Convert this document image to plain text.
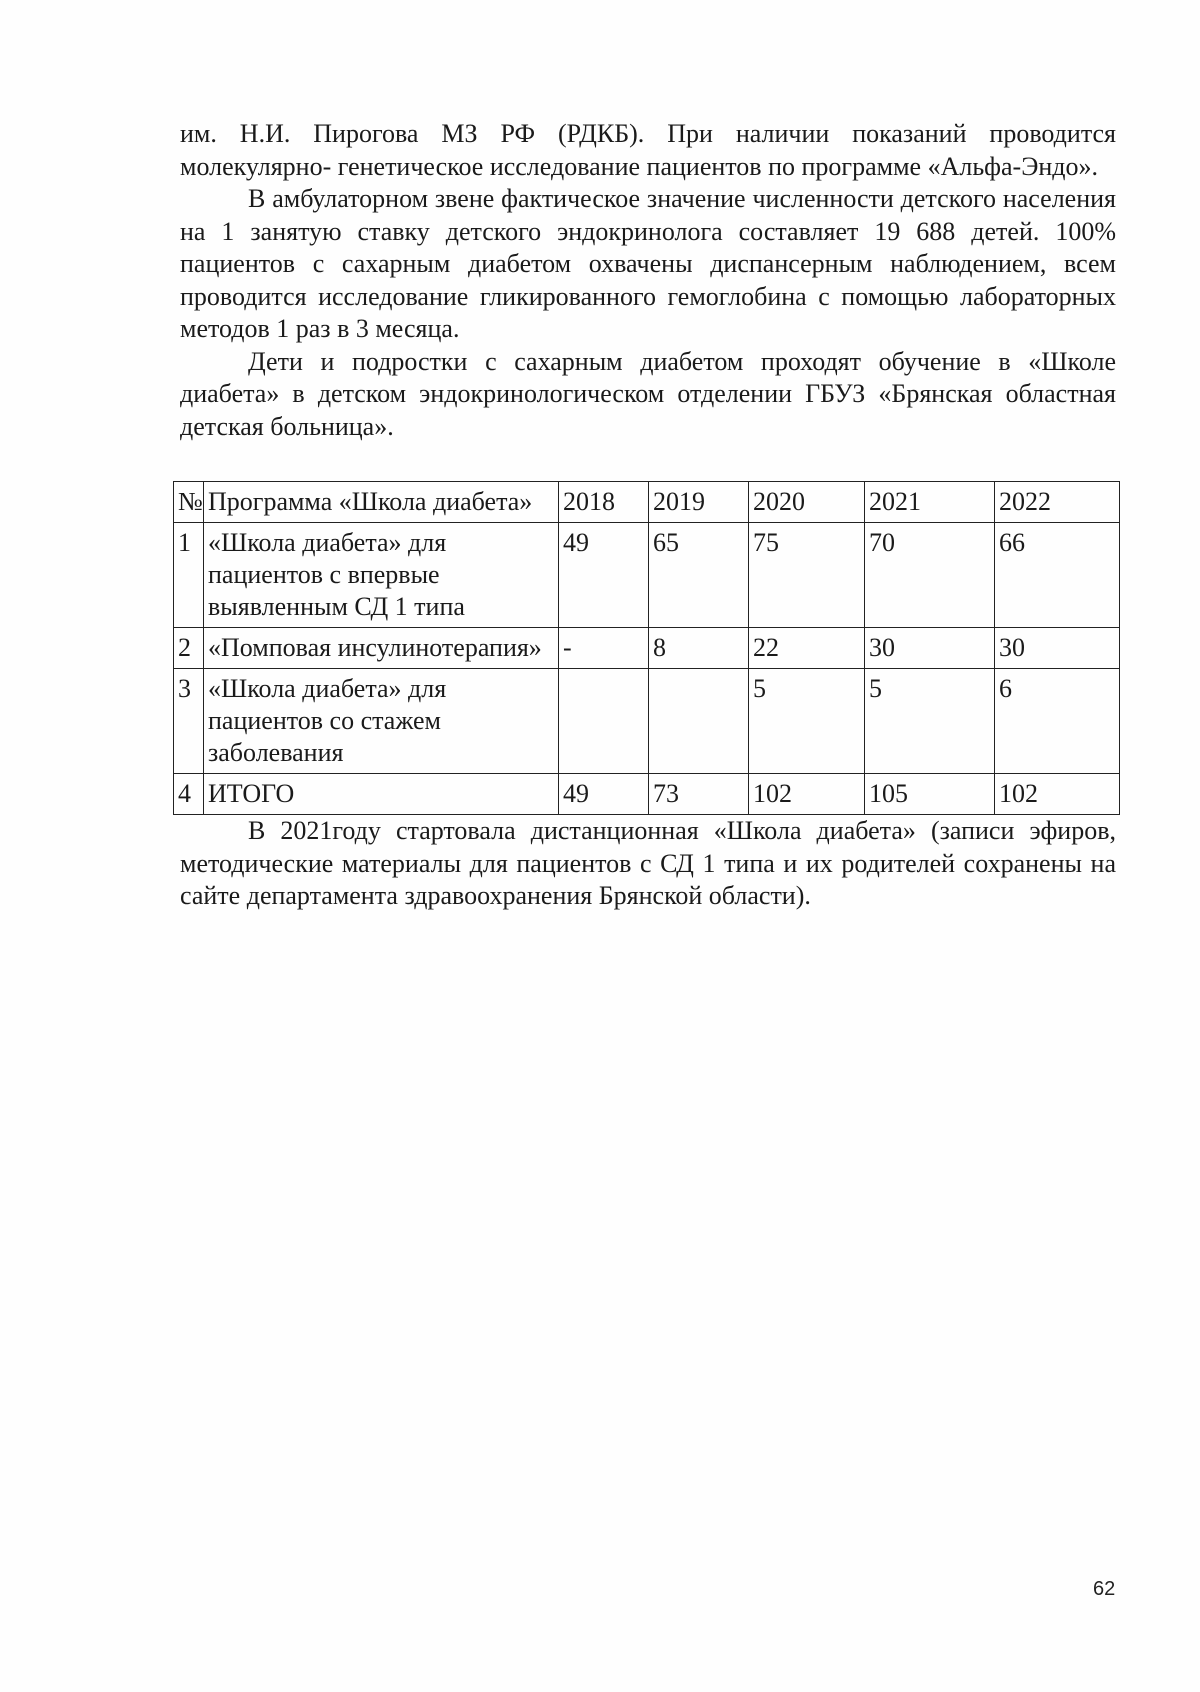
им. Н.И. Пирогова МЗ РФ (РДКБ). При наличии показаний проводится молекулярно- генетическое исследование пациентов по программе «Альфа-Эндо».

В амбулаторном звене фактическое значение численности детского населения на 1 занятую ставку детского эндокринолога составляет 19 688 детей. 100% пациентов с сахарным диабетом охвачены диспансерным наблюдением, всем проводится исследование гликированного гемоглобина с помощью лабораторных методов 1 раз в 3 месяца.

Дети и подростки с сахарным диабетом проходят обучение в «Школе диабета» в детском эндокринологическом отделении ГБУЗ «Брянская областная детская больница».

№	Программа «Школа диабета»	2018	2019	2020	2021	2022
1	«Школа диабета» для пациентов с впервые выявленным СД 1 типа	49	65	75	70	66
2	«Помповая инсулинотерапия»	-	8	22	30	30
3	«Школа диабета» для пациентов со стажем заболевания			5	5	6
4	ИТОГО	49	73	102	105	102

В 2021году стартовала дистанционная «Школа диабета» (записи эфиров, методические материалы для пациентов с СД 1 типа и их родителей сохранены на сайте департамента здравоохранения Брянской области).

62
